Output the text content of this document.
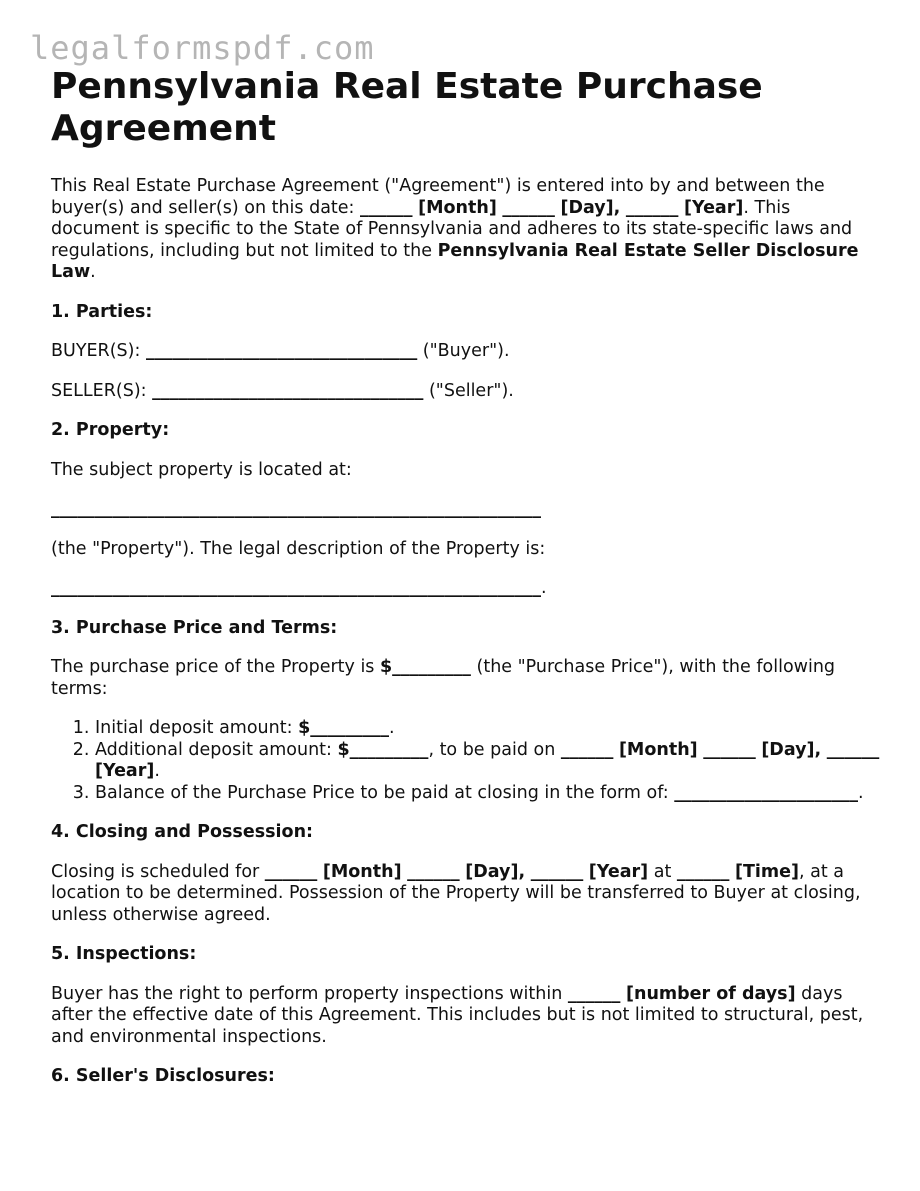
legalformspdf.com
Pennsylvania Real Estate Purchase Agreement

This Real Estate Purchase Agreement ("Agreement") is entered into by and between the buyer(s) and seller(s) on this date: ______ [Month] ______ [Day], ______ [Year]. This document is specific to the State of Pennsylvania and adheres to its state-specific laws and regulations, including but not limited to the Pennsylvania Real Estate Seller Disclosure Law.

1. Parties:

BUYER(S): _______________________________ ("Buyer").

SELLER(S): _______________________________ ("Seller").

2. Property:

The subject property is located at:

________________________________________________________

(the "Property"). The legal description of the Property is:

________________________________________________________.

3. Purchase Price and Terms:

The purchase price of the Property is $_________ (the "Purchase Price"), with the following terms:

1. Initial deposit amount: $_________.
2. Additional deposit amount: $_________, to be paid on ______ [Month] ______ [Day], ______ [Year].
3. Balance of the Purchase Price to be paid at closing in the form of: _____________________.
4. Closing and Possession:

Closing is scheduled for ______ [Month] ______ [Day], ______ [Year] at ______ [Time], at a location to be determined. Possession of the Property will be transferred to Buyer at closing, unless otherwise agreed.

5. Inspections:

Buyer has the right to perform property inspections within ______ [number of days] days after the effective date of this Agreement. This includes but is not limited to structural, pest, and environmental inspections.

6. Seller's Disclosures:
